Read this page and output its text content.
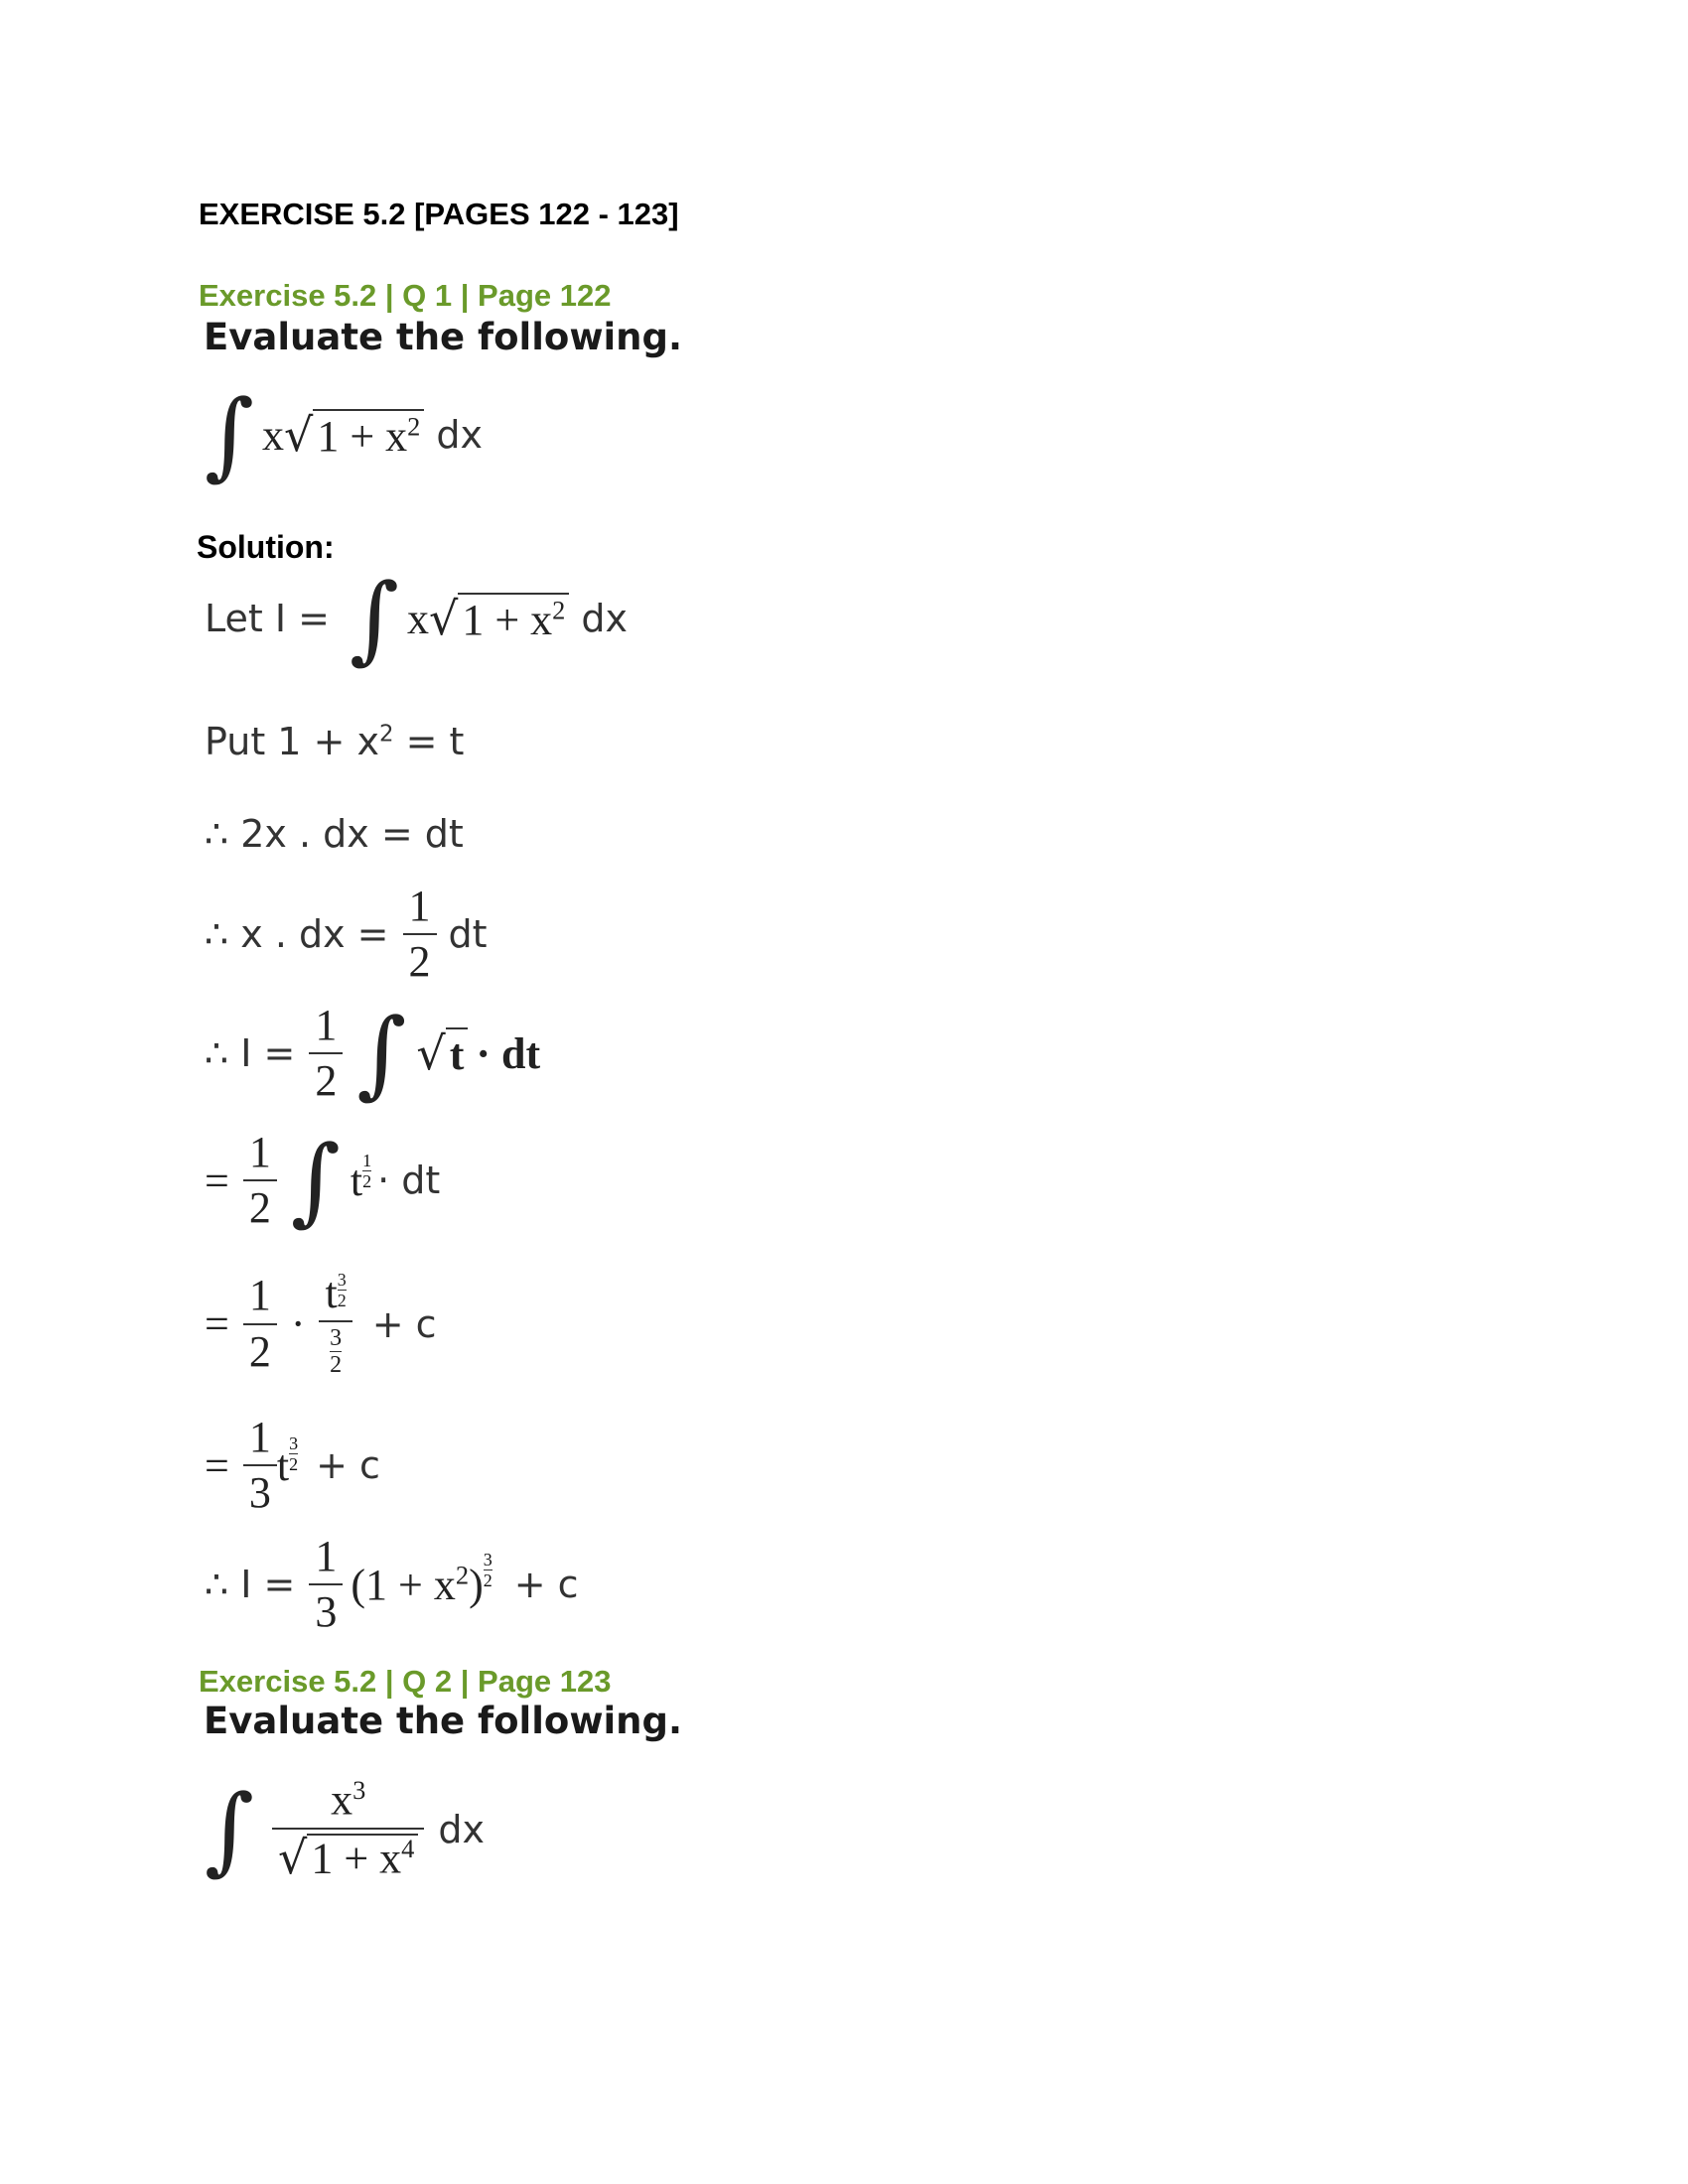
EXERCISE 5.2 [PAGES 122 - 123]
Exercise 5.2 | Q 1 | Page 122
Evaluate the following.
∫ x √ $1 + x^2$ dx
Solution:
Let I = ∫ x √ $1 + x^2$ dx
Put $1 + x^2 = t$
∴ 2x . dx = dt
∴ x . dx = $\frac{1}{2}$ dt
∴ $I = \frac{1}{2}$ ∫ √ t · dt
= $\frac{1}{2}$ ∫ t $\frac{1}{2}$ · dt
= $\frac{1}{2} \cdot \frac{t \frac{3}{2}}{\frac{3}{2}} + c$
= $\frac{1}{3}$ t $\frac{3}{2} + c$
∴ $I = \frac{1}{3} (1 + x^2) \frac{3}{2} + c$
Exercise 5.2 | Q 2 | Page 123
Evaluate the following.
∫ $\frac{x^3}{√ 1 + x^4}$ dx
